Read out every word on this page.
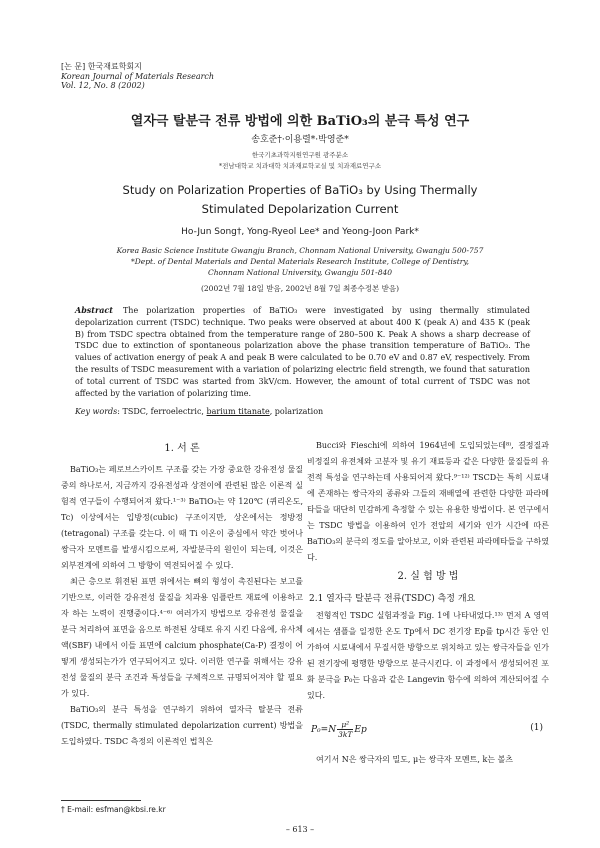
[논 문] 한국재료학회지
Korean Journal of Materials Research
Vol. 12, No. 8 (2002)
열자극 탈분극 전류 방법에 의한 BaTiO₃의 분극 특성 연구
송호준†·이용렬*·박영준*
한국기초과학지원연구원 광주분소
*전남대학교 치과대학 치과재료학교실 및 치과재료연구소
Study on Polarization Properties of BaTiO₃ by Using Thermally
Stimulated Depolarization Current
Ho-Jun Song†, Yong-Ryeol Lee* and Yeong-Joon Park*
Korea Basic Science Institute Gwangju Branch, Chonnam National University, Gwangju 500-757
*Dept. of Dental Materials and Dental Materials Research Institute, College of Dentistry,
Chonnam National University, Gwangju 501-840
(2002년 7월 18일 받음, 2002년 8월 7일 최종수정본 받음)
Abstract The polarization properties of BaTiO₃ were investigated by using thermally stimulated depolarization current (TSDC) technique. Two peaks were observed at about 400 K (peak A) and 435 K (peak B) from TSDC spectra obtained from the temperature range of 280–500 K. Peak A shows a sharp decrease of TSDC due to extinction of spontaneous polarization above the phase transition temperature of BaTiO₃. The values of activation energy of peak A and peak B were calculated to be 0.70 eV and 0.87 eV, respectively. From the results of TSDC measurement with a variation of polarizing electric field strength, we found that saturation of total current of TSDC was started from 3kV/cm. However, the amount of total current of TSDC was not affected by the variation of polarizing time.
Key words: TSDC, ferroelectric, barium titanate, polarization
1. 서 론

BaTiO₃는 페로브스카이트 구조를 갖는 가장 중요한 강유전성 물질중의 하나로서, 지금까지 강유전성과 상전이에 관련된 많은 이론적 실험적 연구들이 수행되어져 왔다.¹⁻³⁾ BaTiO₃는 약 120℃ (퀴리온도, Tc) 이상에서는 입방정(cubic) 구조이지만, 상온에서는 정방정(tetragonal) 구조를 갖는다. 이 때 Ti 이온이 중심에서 약간 벗어나 쌍극자 모멘트를 발생시킴으로써, 자발분극의 원인이 되는데, 이것은 외부전계에 의하여 그 방향이 역전되어질 수 있다.

최근 층으로 휘전된 표면 위에서는 뼈의 형성이 촉진된다는 보고를 기반으로, 이러한 강유전성 물질을 치과용 임플란트 재료에 이용하고자 하는 노력이 진행중이다.⁴⁻⁶⁾ 여러가지 방법으로 강유전성 물질을 분극 처리하여 표면을 음으로 하전된 상태로 유지 시킨 다음에, 유사체액(SBF) 내에서 이들 표면에 calcium phosphate(Ca-P) 결정이 어떻게 생성되는가가 연구되어지고 있다. 이러한 연구를 위해서는 강유전성 물질의 분극 조건과 특성들을 구체적으로 규명되어져야 할 필요가 있다.

BaTiO₃의 분극 특성을 연구하기 위하여 열자극 탈분극 전류(TSDC, thermally stimulated depolarization current) 방법을 도입하였다. TSDC 측정의 이론적인 법칙은

Bucci와 Fieschi에 의하여 1964년에 도입되었는데⁸⁾, 결정질과 비정질의 유전체와 고분자 및 유기 재료등과 같은 다양한 물질들의 유전적 특성을 연구하는데 사용되어져 왔다.⁹⁻¹²⁾ TSCD는 특히 시료내에 존재하는 쌍극자의 종류와 그들의 재배열에 관련한 다양한 파라메타들을 대단히 민감하게 측정할 수 있는 유용한 방법이다. 본 연구에서는 TSDC 방법을 이용하여 인가 전압의 세기와 인가 시간에 따른 BaTiO₃의 분극의 정도를 알아보고, 이와 관련된 파라메타들을 구하였다.

2. 실 험 방 법
2.1 열자극 탈분극 전류(TSDC) 측정 개요

전형적인 TSDC 실험과정을 Fig. 1에 나타내었다.¹³⁾ 먼저 A 영역에서는 샘플을 일정한 온도 Tp에서 DC 전기장 Ep를 tp시간 동안 인가하여 시료내에서 무질서한 방향으로 위치하고 있는 쌍극자들을 인가된 전기장에 평행한 방향으로 분극시킨다. 이 과정에서 생성되어진 포화 분극을 P₀는 다음과 같은 Langevin 함수에 의하여 계산되어질 수 있다.

$P_0=N \frac{\text{μ²}}{3kT}$ Ep	(1)

여기서 N은 쌍극자의 밀도, μ는 쌍극자 모멘트, k는 볼츠

† E-mail: esfman@kbsi.re.kr
– 613 –
